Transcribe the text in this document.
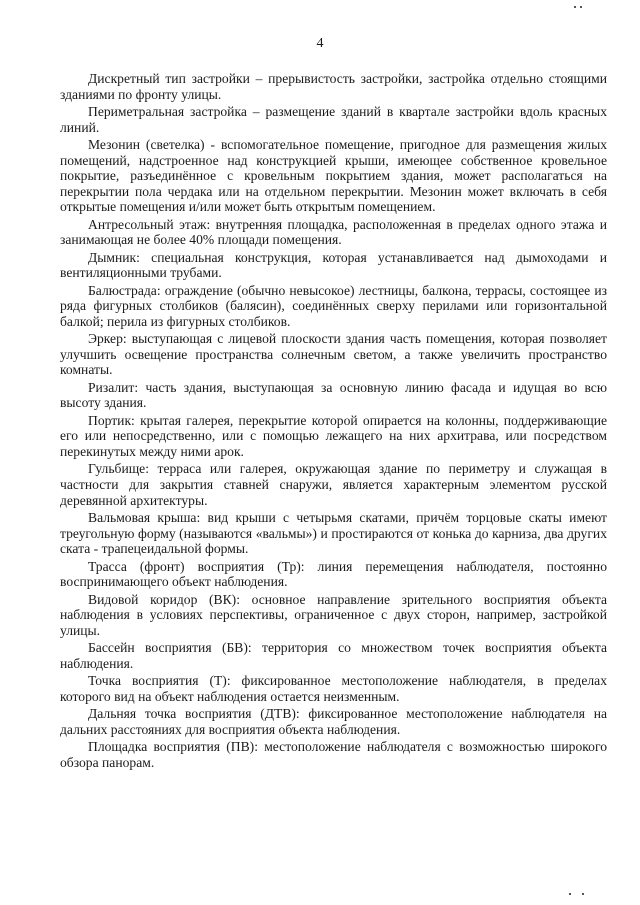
4

Дискретный тип застройки – прерывистость застройки, застройка отдельно стоящими зданиями по фронту улицы.

Периметральная застройка – размещение зданий в квартале застройки вдоль красных линий.

Мезонин (светелка) - вспомогательное помещение, пригодное для размещения жилых помещений, надстроенное над конструкцией крыши, имеющее собственное кровельное покрытие, разъединённое с кровельным покрытием здания, может располагаться на перекрытии пола чердака или на отдельном перекрытии. Мезонин может включать в себя открытые помещения и/или может быть открытым помещением.

Антресольный этаж: внутренняя площадка, расположенная в пределах одного этажа и занимающая не более 40% площади помещения.

Дымник: специальная конструкция, которая устанавливается над дымоходами и вентиляционными трубами.

Балюстрада: ограждение (обычно невысокое) лестницы, балкона, террасы, состоящее из ряда фигурных столбиков (балясин), соединённых сверху перилами или горизонтальной балкой; перила из фигурных столбиков.

Эркер: выступающая с лицевой плоскости здания часть помещения, которая позволяет улучшить освещение пространства солнечным светом, а также увеличить пространство комнаты.

Ризалит: часть здания, выступающая за основную линию фасада и идущая во всю высоту здания.

Портик: крытая галерея, перекрытие которой опирается на колонны, поддерживающие его или непосредственно, или с помощью лежащего на них архитрава, или посредством перекинутых между ними арок.

Гульбище: терраса или галерея, окружающая здание по периметру и служащая в частности для закрытия ставней снаружи, является характерным элементом русской деревянной архитектуры.

Вальмовая крыша: вид крыши с четырьмя скатами, причём торцовые скаты имеют треугольную форму (называются «вальмы») и простираются от конька до карниза, два других ската - трапецеидальной формы.

Трасса (фронт) восприятия (Тр): линия перемещения наблюдателя, постоянно воспринимающего объект наблюдения.

Видовой коридор (ВК): основное направление зрительного восприятия объекта наблюдения в условиях перспективы, ограниченное с двух сторон, например, застройкой улицы.

Бассейн восприятия (БВ): территория со множеством точек восприятия объекта наблюдения.

Точка восприятия (Т): фиксированное местоположение наблюдателя, в пределах которого вид на объект наблюдения остается неизменным.

Дальняя точка восприятия (ДТВ): фиксированное местоположение наблюдателя на дальних расстояниях для восприятия объекта наблюдения.

Площадка восприятия (ПВ): местоположение наблюдателя с возможностью широкого обзора панорам.
